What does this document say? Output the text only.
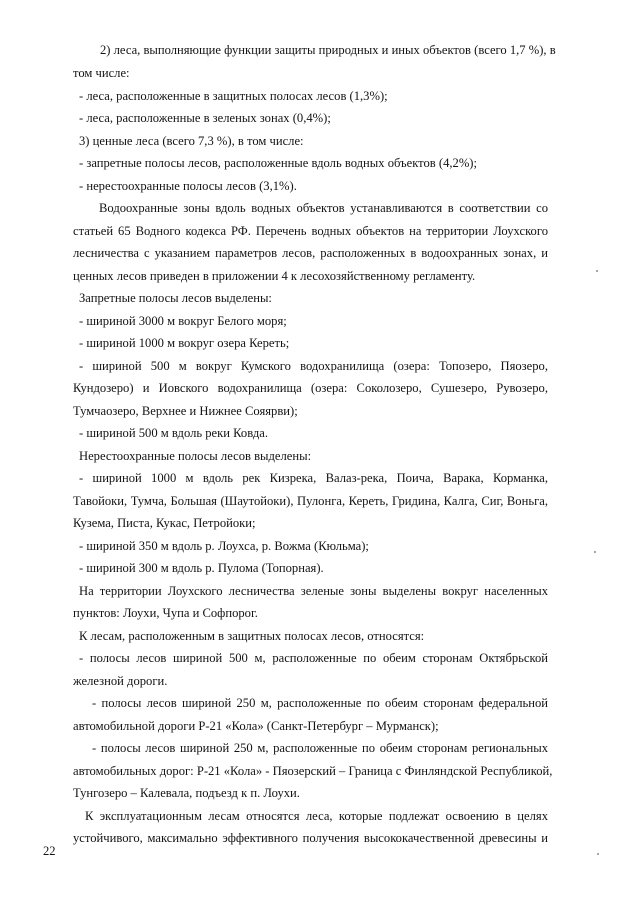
2) леса, выполняющие функции защиты природных и иных объектов (всего 1,7 %), в

том числе:

- леса, расположенные в защитных полосах лесов (1,3%);

- леса, расположенные в зеленых зонах (0,4%);

3) ценные леса (всего 7,3 %), в том числе:

- запретные полосы лесов, расположенные вдоль водных объектов (4,2%);

- нерестоохранные полосы лесов (3,1%).

Водоохранные зоны вдоль водных объектов устанавливаются в соответствии со

статьей 65 Водного кодекса РФ. Перечень водных объектов на территории Лоухского

лесничества с указанием параметров лесов, расположенных в водоохранных зонах, и

ценных лесов приведен в приложении 4 к лесохозяйственному регламенту.

Запретные полосы лесов выделены:

- шириной 3000 м вокруг Белого моря;

- шириной 1000 м вокруг озера Кереть;

- шириной 500 м вокруг Кумского водохранилища (озера: Топозеро, Пяозеро,

Кундозеро) и Иовского водохранилища (озера: Соколозеро, Сушезеро, Рувозеро,

Тумчаозеро, Верхнее и Нижнее Сояярви);

- шириной 500 м вдоль реки Ковда.

Нерестоохранные полосы лесов выделены:

- шириной 1000 м вдоль рек Кизрека, Валаз-река, Поича, Варака, Корманка,

Тавойоки, Тумча, Большая (Шаутойоки), Пулонга, Кереть, Гридина, Калга, Сиг, Воньга,

Кузема, Писта, Кукас, Петройоки;

- шириной 350 м вдоль р. Лоухса, р. Вожма (Кюльма);

- шириной 300 м вдоль р. Пулома (Топорная).

На территории Лоухского лесничества зеленые зоны выделены вокруг населенных

пунктов: Лоухи, Чупа и Софпорог.

К лесам, расположенным в защитных полосах лесов, относятся:

- полосы лесов шириной 500 м, расположенные по обеим сторонам Октябрьской

железной дороги.

- полосы лесов шириной 250 м, расположенные по обеим сторонам федеральной

автомобильной дороги Р-21 «Кола» (Санкт-Петербург – Мурманск);

- полосы лесов шириной 250 м, расположенные по обеим сторонам региональных

автомобильных дорог: Р-21 «Кола» - Пяозерский – Граница с Финляндской Республикой,

Тунгозеро – Калевала, подъезд к п. Лоухи.

К эксплуатационным лесам относятся леса, которые подлежат освоению в целях

устойчивого, максимально эффективного получения высококачественной древесины и

22
